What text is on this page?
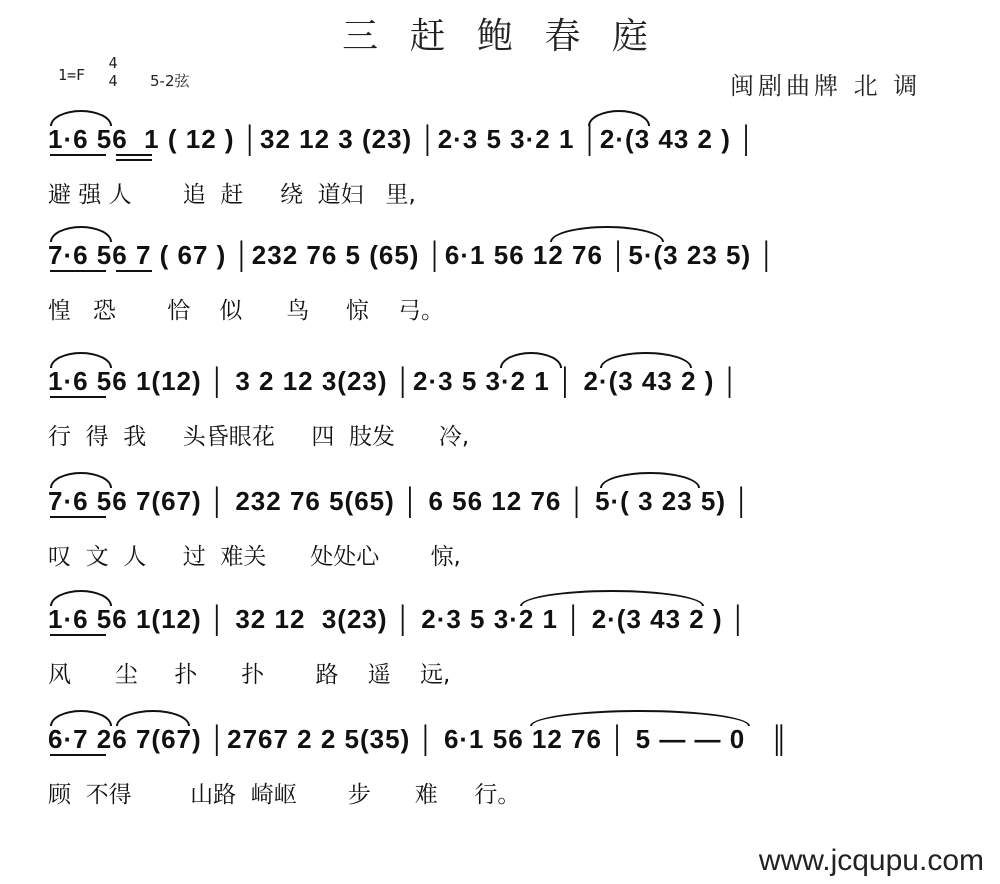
三 赶 鲍 春 庭
1=F
4
4 5-2弦	闽剧曲牌 北 调
1·6 56  1 ( 12 ) │32 12 3 (23) │2·3 5 3·2 1 │2·(3 43 2 ) │
避 强 人       追  赶     绕  道妇   里,
7·6 56 7 ( 67 ) │232 76 5 (65) │6·1 56 12 76 │5·(3 23 5) │
惶   恐       恰    似      鸟     惊    弓。
1·6 56 1(12) │ 3 2 12 3(23) │2·3 5 3·2 1 │ 2·(3 43 2 ) │
行  得  我     头昏眼花     四  肢发      冷,
7·6 56 7(67) │ 232 76 5(65) │ 6 56 12 76 │ 5·( 3 23 5) │
叹  文  人     过  难关      处处心       惊,
1·6 56 1(12) │ 32 12  3(23) │ 2·3 5 3·2 1 │ 2·(3 43 2 ) │
风      尘     扑      扑       路    遥    远,
6·7 26 7(67) │2767 2 2 5(35) │ 6·1 56 12 76 │ 5 — — 0   ║
顾  不得        山路  崎岖       步      难     行。
www.jcqupu.com
